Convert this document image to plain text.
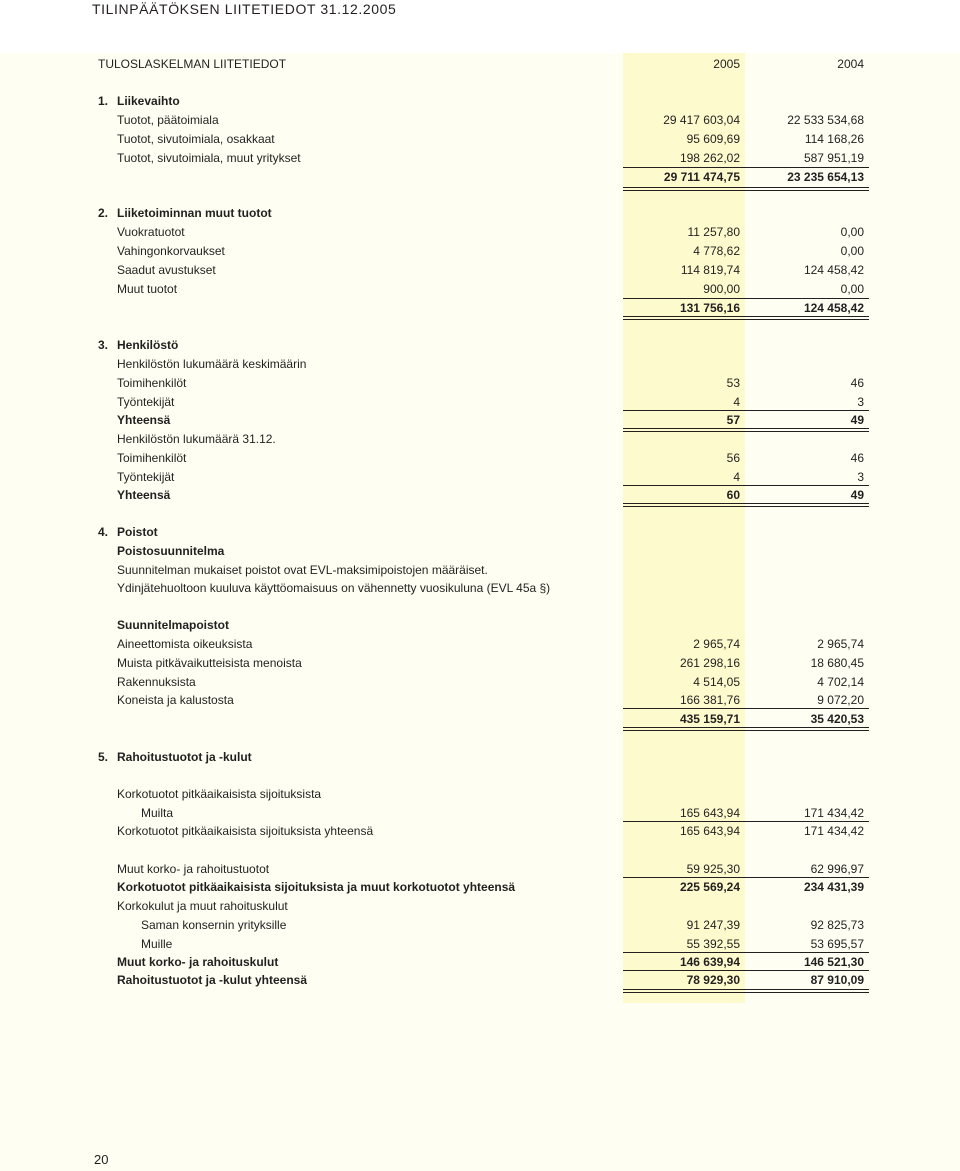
TILINPÄÄTÖKSEN LIITETIEDOT 31.12.2005
TULOSLASKELMAN LIITETIEDOT	2005	2004
1. Liikevaihto
Tuotot, päätoimiala	29 417 603,04	22 533 534,68
Tuotot, sivutoimiala, osakkaat	95 609,69	114 168,26
Tuotot, sivutoimiala, muut yritykset	198 262,02	587 951,19
29 711 474,75	23 235 654,13
2. Liiketoiminnan muut tuotot
Vuokratuotot	11 257,80	0,00
Vahingonkorvaukset	4 778,62	0,00
Saadut avustukset	114 819,74	124 458,42
Muut tuotot	900,00	0,00
131 756,16	124 458,42
3. Henkilöstö
Henkilöstön lukumäärä keskimäärin
Toimihenkilöt	53	46
Työntekijät	4	3
Yhteensä	57	49
Henkilöstön lukumäärä 31.12.
Toimihenkilöt	56	46
Työntekijät	4	3
Yhteensä	60	49
4. Poistot
Poistosuunnitelma
Suunnitelman mukaiset poistot ovat EVL-maksimipoistojen määräiset.
Ydinjätehuoltoon kuuluva käyttöomaisuus on vähennetty vuosikuluna (EVL 45a §)
Suunnitelmapoistot
Aineettomista oikeuksista	2 965,74	2 965,74
Muista pitkävaikutteisista menoista	261 298,16	18 680,45
Rakennuksista	4 514,05	4 702,14
Koneista ja kalustosta	166 381,76	9 072,20
435 159,71	35 420,53
5. Rahoitustuotot ja -kulut
Korkotuotot pitkäaikaisista sijoituksista
Muilta	165 643,94	171 434,42
Korkotuotot pitkäaikaisista sijoituksista yhteensä	165 643,94	171 434,42
Muut korko- ja rahoitustuotot	59 925,30	62 996,97
Korkotuotot pitkäaikaisista sijoituksista ja muut korkotuotot yhteensä	225 569,24	234 431,39
Korkokulut ja muut rahoituskulut
Saman konsernin yrityksille	91 247,39	92 825,73
Muille	55 392,55	53 695,57
Muut korko- ja rahoituskulut	146 639,94	146 521,30
Rahoitustuotot ja -kulut yhteensä	78 929,30	87 910,09
20
